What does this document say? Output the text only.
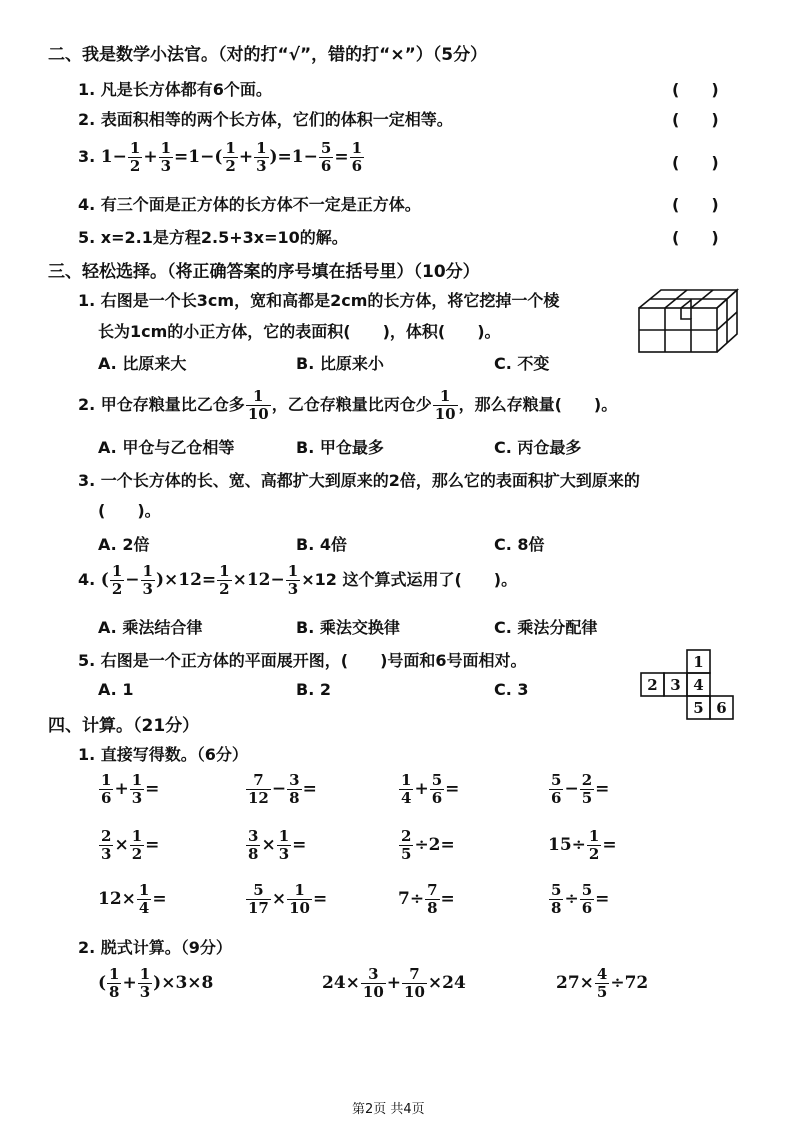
二、我是数学小法官。（对的打“√”，错的打“×”）（5分）
1. 凡是长方体都有6个面。	(　　)
2. 表面积相等的两个长方体，它们的体积一定相等。	(　　)
3. $1- \frac{1}{2} + \frac{1}{3} =1-( \frac{1}{2} + \frac{1}{3} )=1- \frac{5}{6} = \frac{1}{6}$	(　　)
4. 有三个面是正方体的长方体不一定是正方体。	(　　)
5. x=2.1是方程2.5+3x=10的解。	(　　)
三、轻松选择。（将正确答案的序号填在括号里）（10分）
1. 右图是一个长3cm，宽和高都是2cm的长方体，将它挖掉一个棱
长为1cm的小正方体，它的表面积(　　)，体积(　　)。
A. 比原来大	B. 比原来小	C. 不变
2. 甲仓存粮量比乙仓多 $\frac{1}{10}$ ，乙仓存粮量比丙仓少 $\frac{1}{10}$ ，那么存粮量(　　)。
A. 甲仓与乙仓相等	B. 甲仓最多	C. 丙仓最多
3. 一个长方体的长、宽、高都扩大到原来的2倍，那么它的表面积扩大到原来的
(　　)。
A. 2倍	B. 4倍	C. 8倍
4. ( $\frac{1}{2} - \frac{1}{3} )\times 12= \frac{1}{2} \times 12- \frac{1}{3} \times 12$ 这个算式运用了(　　)。
A. 乘法结合律	B. 乘法交换律	C. 乘法分配律
5. 右图是一个正方体的平面展开图，(　　)号面和6号面相对。
A. 1	B. 2	C. 3
1
2 3 4
5 6
四、计算。（21分）
1. 直接写得数。（6分）
$\frac{1}{6} + \frac{1}{3}$ =	$\frac{7}{12} - \frac{3}{8}$ =	$\frac{1}{4} + \frac{5}{6}$ =	$\frac{5}{6} - \frac{2}{5}$ =
$\frac{2}{3} \times \frac{1}{2}$ =	$\frac{3}{8} \times \frac{1}{3}$ =	$\frac{2}{5} \div 2=$	$15\div \frac{1}{2}$ =
$12\times \frac{1}{4}$ =	$\frac{5}{17} \times \frac{1}{10}$ =	$7\div \frac{7}{8}$ =	$\frac{5}{8} \div \frac{5}{6}$ =
2. 脱式计算。（9分）
( $\frac{1}{8} + \frac{1}{3} )\times 3\times 8$	$24\times \frac{3}{10} + \frac{7}{10} \times 24$	$27\times \frac{4}{5} \div 72$
第2页 共4页
